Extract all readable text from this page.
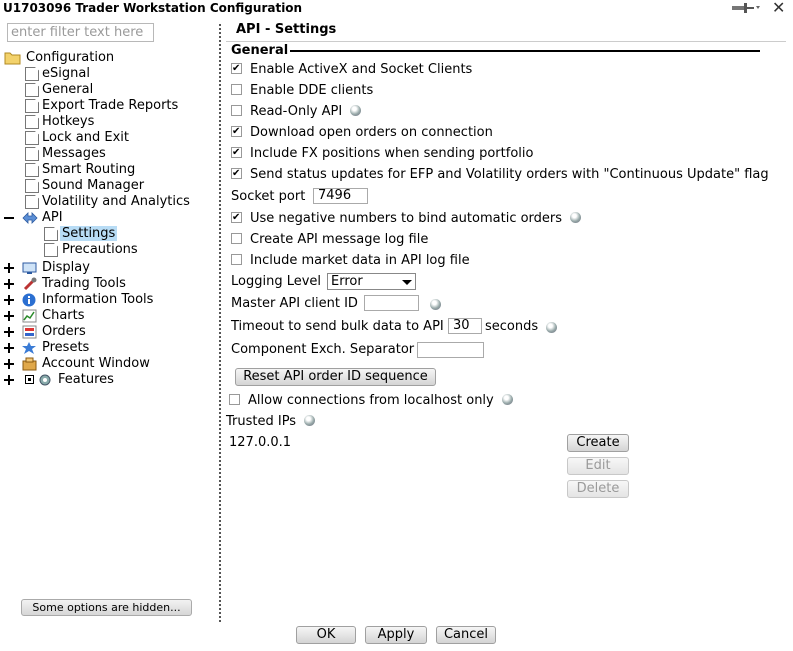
U1703096 Trader Workstation Configuration	✕
enter filter text here
Configuration
eSignal
General
Export Trade Reports
Hotkeys
Lock and Exit
Messages
Smart Routing
Sound Manager
Volatility and Analytics
API
Settings
Precautions
Display
Trading Tools
Information Tools
Charts
Orders
Presets
Account Window
Features
Some options are hidden...
API - Settings
General
✔Enable ActiveX and Socket Clients
Enable DDE clients
Read-Only API
✔Download open orders on connection
✔Include FX positions when sending portfolio
✔Send status updates for EFP and Volatility orders with "Continuous Update" flag
Socket port 7496
✔Use negative numbers to bind automatic orders
Create API message log file
Include market data in API log file
Logging Level Error
Master API client ID
Timeout to send bulk data to API 30	seconds
Component Exch. Separator
Reset API order ID sequence
Allow connections from localhost only
Trusted IPs
127.0.0.1	Create
Edit
Delete
OK	Apply	Cancel
